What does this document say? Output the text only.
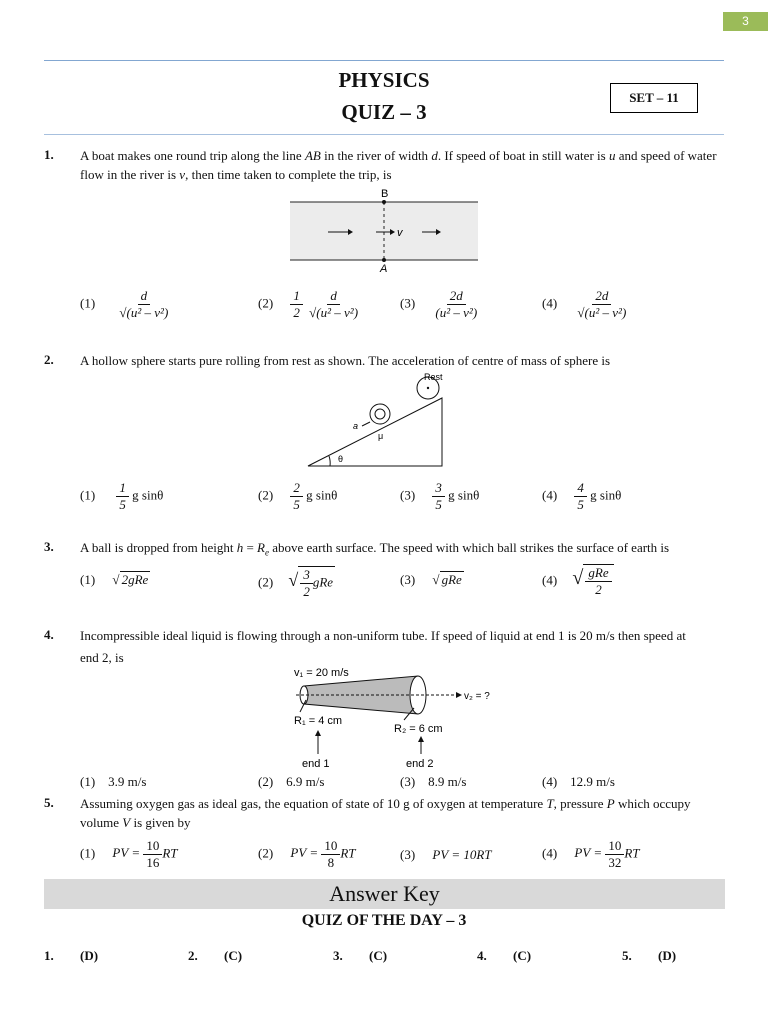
3
PHYSICS
QUIZ – 3
SET – 11
1. A boat makes one round trip along the line AB in the river of width d. If speed of boat in still water is u and speed of water flow in the river is v, then time taken to complete the trip, is
B
A
v
$(1) \frac{d}{\text{√(u² – v²)}}$	$(2) \frac{1}{2}$
$\frac{d}{\text{√(u² – v²)}}$	$(3) \frac{2d}{\text{(u² – v²)}}$	$(4) \frac{2d}{\text{√(u² – v²)}}$
2. A hollow sphere starts pure rolling from rest as shown. The acceleration of centre of mass of sphere is
Rest
a
μ
θ
$(1) \frac{1}{5}$ g sinθ	$(2) \frac{2}{5}$ g sinθ	$(3) \frac{3}{5}$ g sinθ	$(4) \frac{4}{5}$ g sinθ
3. A ball is dropped from height $h = R_e$ above earth surface. The speed with which ball strikes the surface of earth is
(1) √ 2gRe	(2) √ $\frac{3}{2}$ gRe	(3) √ gRe	(4) √ $\frac{\text{gRe}}{2}$
4. Incompressible ideal liquid is flowing through a non-uniform tube. If speed of liquid at end 1 is 20 m/s then speed at
end 2, is
v₁ = 20 m/s
v₂ = ?
R₁ = 4 cm
R₂ = 6 cm
end 1	end 2
(1) 3.9 m/s	(2) 6.9 m/s	(3) 8.9 m/s	(4) 12.9 m/s
5. Assuming oxygen gas as ideal gas, the equation of state of 10 g of oxygen at temperature T, pressure P which occupy volume V is given by
(1) PV = $\frac{10}{16}$ RT	(2) PV = $\frac{10}{8}$ RT	(3) PV = 10RT	(4) PV = $\frac{10}{32}$ RT
Answer Key
QUIZ OF THE DAY – 3
1. (D)	2. (C)	3. (C)	4. (C)	5. (D)
